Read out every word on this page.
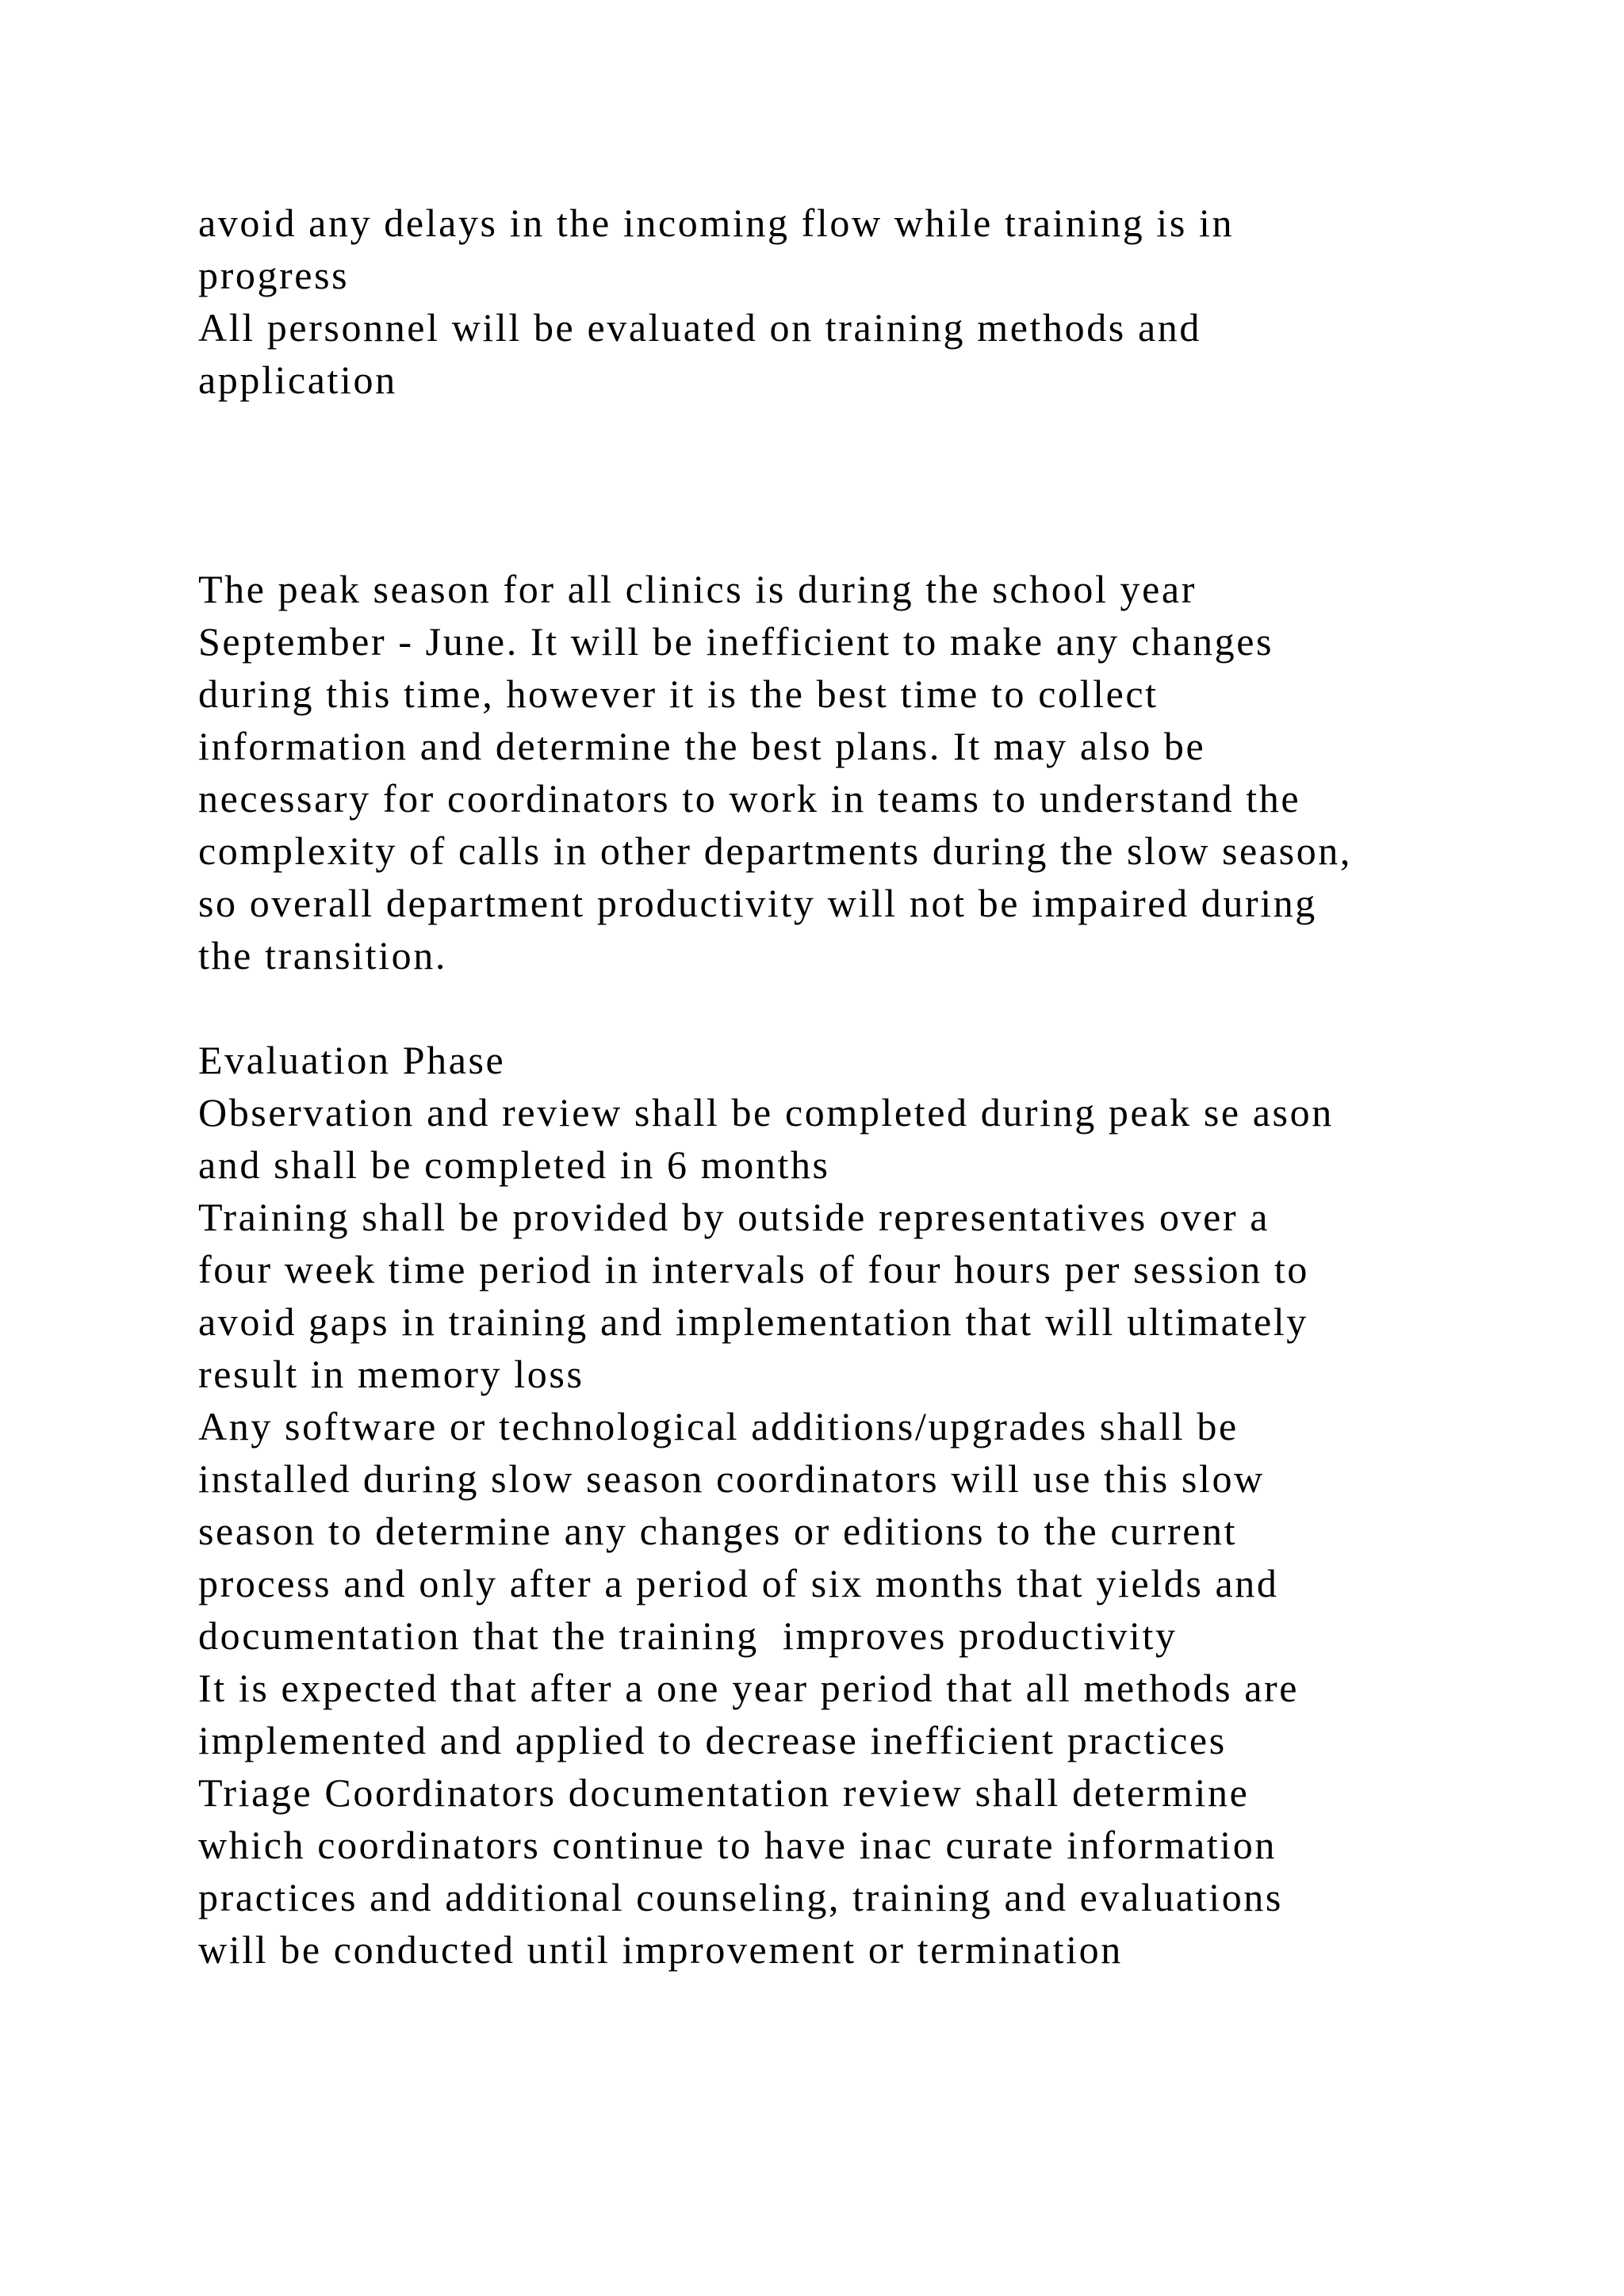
avoid any delays in the incoming flow while training is in
progress
All personnel will be evaluated on training methods and
application
The peak season for all clinics is during the school year
September - June. It will be inefficient to make any changes
during this time, however it is the best time to collect
information and determine the best plans. It may also be
necessary for coordinators to work in teams to understand the
complexity of calls in other departments during the slow season,
so overall department productivity will not be impaired during
the transition.
Evaluation Phase
Observation and review shall be completed during peak se ason
and shall be completed in 6 months
Training shall be provided by outside representatives over a
four week time period in intervals of four hours per session to
avoid gaps in training and implementation that will ultimately
result in memory loss
Any software or technological additions/upgrades shall be
installed during slow season coordinators will use this slow
season to determine any changes or editions to the current
process and only after a period of six months that yields and
documentation that the training  improves productivity
It is expected that after a one year period that all methods are
implemented and applied to decrease inefficient practices
Triage Coordinators documentation review shall determine
which coordinators continue to have inac curate information
practices and additional counseling, training and evaluations
will be conducted until improvement or termination
